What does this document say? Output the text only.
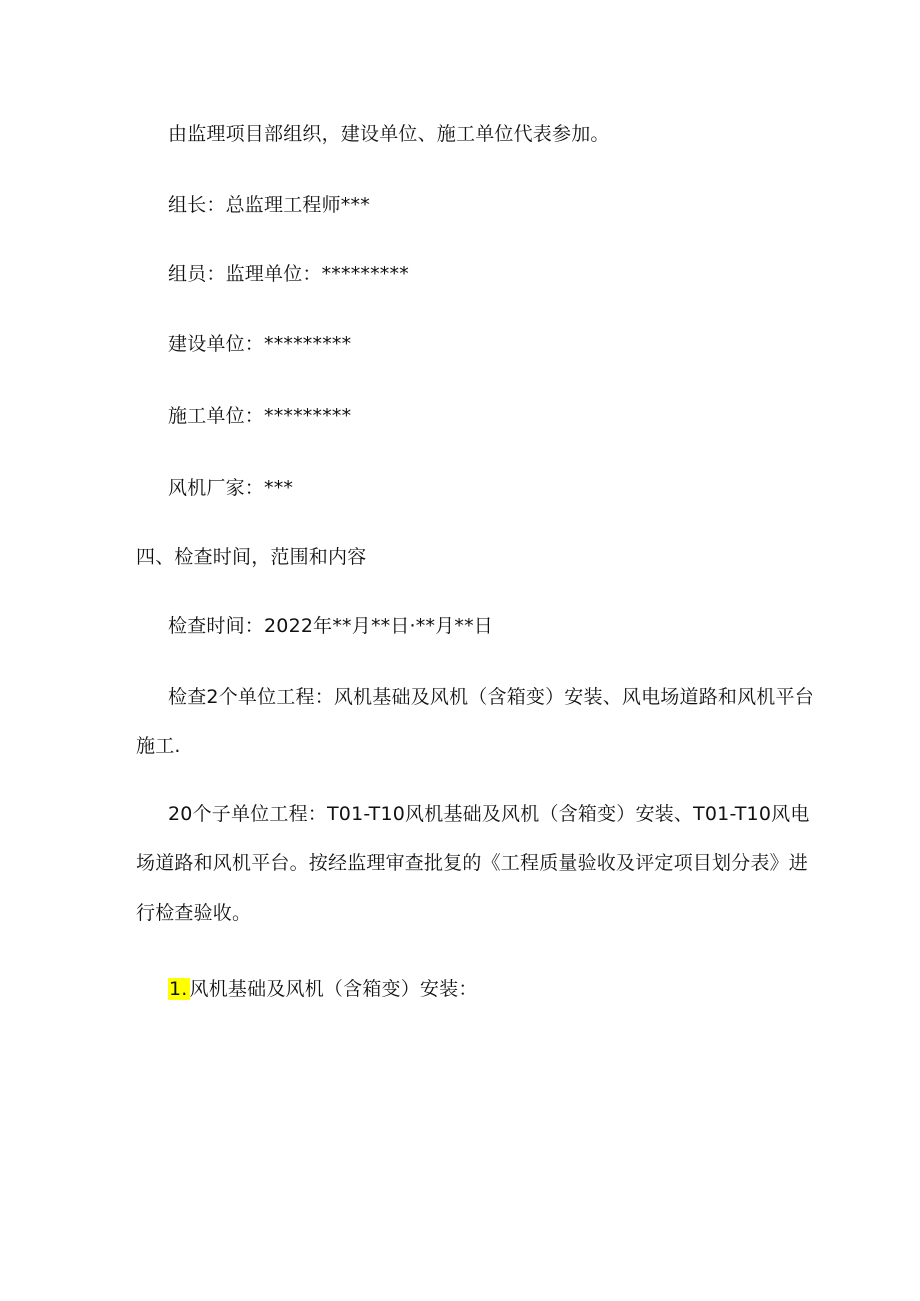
由监理项目部组织，建设单位、施工单位代表参加。
组长：总监理工程师***
组员：监理单位：*********
建设单位：*********
施工单位：*********
风机厂家：***
四、检查时间，范围和内容
检查时间：2022年**月**日·**月**日
检查2个单位工程：风机基础及风机（含箱变）安装、风电场道路和风机平台
施工.
20个子单位工程：T01-T10风机基础及风机（含箱变）安装、T01-T10风电
场道路和风机平台。按经监理审查批复的《工程质量验收及评定项目划分表》进
行检查验收。
1. 风机基础及风机（含箱变）安装：
